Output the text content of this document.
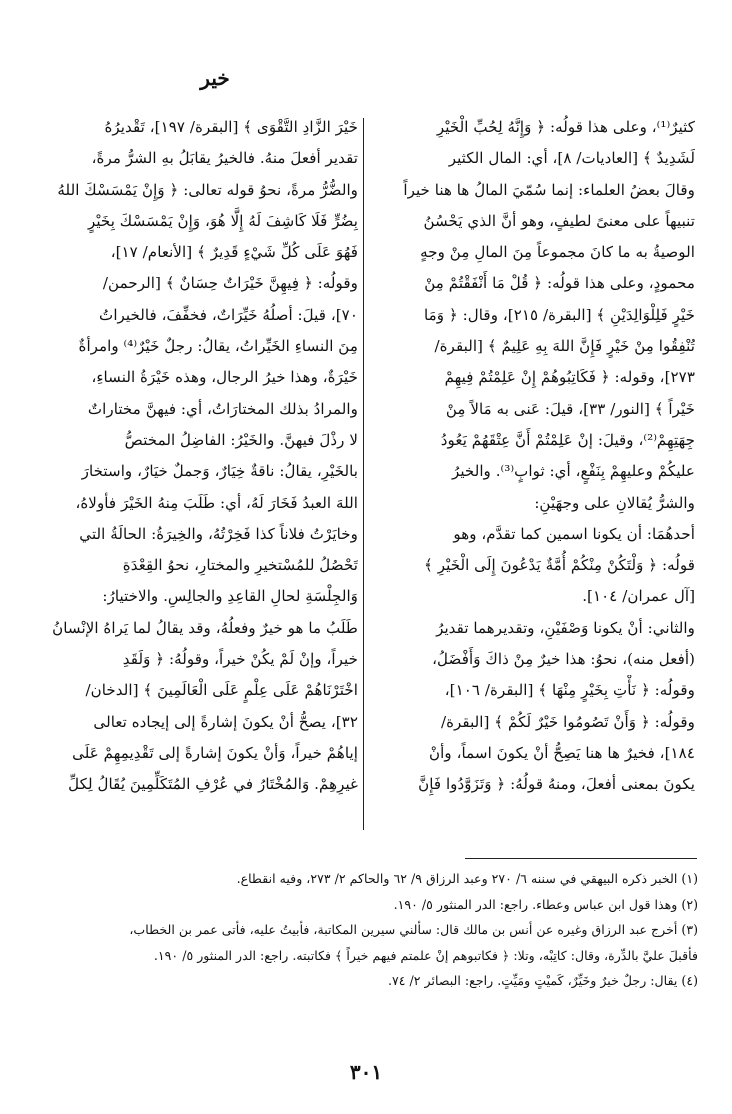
خير
كثيرٌ⁽¹⁾، وعلى هذا قولُه: ﴿ وَإِنَّهُ لِحُبِّ الْخَيْرِ
لَشَدِيدٌ ﴾ [العاديات/ ٨]، أي: المال الكثير
وقالَ بعضُ العلماء: إنما سُمّيَ المالُ ها هنا خيراً
تنبيهاً على معنىً لطيفٍ، وهو أنَّ الذي يَحْسُنُ
الوصيةُ به ما كانَ مجموعاً مِنَ المالِ مِنْ وجهٍ
محمودٍ، وعلى هذا قولُه: ﴿ قُلْ مَا أَنْفَقْتُمْ مِنْ
خَيْرٍ فَلِلْوَالِدَيْنِ ﴾ [البقرة/ ٢١٥]، وقال: ﴿ وَمَا
تُنْفِقُوا مِنْ خَيْرٍ فَإِنَّ اللهَ بِهِ عَلِيمٌ ﴾ [البقرة/
٢٧٣]، وقوله: ﴿ فَكَاتِبُوهُمْ إِنْ عَلِمْتُمْ فِيهِمْ
خَيْراً ﴾ [النور/ ٣٣]، قيلَ: عَنى به مَالاً مِنْ
جِهَتِهِمْ⁽²⁾، وقيلَ: إنْ عَلِمْتُمْ أَنَّ عِتْقَهُمْ يَعُودُ
عليكُمْ وعليهِمْ بِنَفْعٍ، أي: ثوابٍ⁽³⁾. والخيرُ
والشرُّ يُقالانِ على وجهَيْنِ:
أحدهُمَا: أن يكونا اسمين كما تقدَّم، وهو
قولُه: ﴿ وَلْتَكُنْ مِنْكُمْ أُمَّةٌ يَدْعُونَ إِلَى الْخَيْرِ ﴾
[آل عمران/ ١٠٤].
والثاني: أنْ يكونا وَصْفَيْنِ، وتقديرهما تقديرُ
(أفعل منه)، نحوُ: هذا خيرٌ مِنْ ذاكَ وَأَفْضَلُ،
وقولُه: ﴿ نَأْتِ بِخَيْرٍ مِنْهَا ﴾ [البقرة/ ١٠٦]،
وقولُه: ﴿ وَأَنْ تَصُومُوا خَيْرٌ لَكُمْ ﴾ [البقرة/
١٨٤]، فخيرٌ ها هنا يَصِحُّ أنْ يكونَ اسماً، وأنْ
يكونَ بمعنى أفعلَ، ومنهُ قولُهُ: ﴿ وَتَزَوَّدُوا فَإِنَّ
خَيْرَ الزَّادِ التَّقْوَى ﴾ [البقرة/ ١٩٧]، تَقْديرُهُ
تقدير أفعلَ منهُ. فالخيرُ يقابَلُ بهِ الشرُّ مرةً،
والضُّرُّ مرةً، نحوُ قوله تعالى: ﴿ وَإِنْ يَمْسَسْكَ اللهُ
بِضُرٍّ فَلَا كَاشِفَ لَهُ إِلَّا هُوَ، وَإِنْ يَمْسَسْكَ بِخَيْرٍ
فَهُوَ عَلَى كُلِّ شَيْءٍ قَدِيرٌ ﴾ [الأنعام/ ١٧]،
وقولُه: ﴿ فِيهِنَّ خَيْرَاتٌ حِسَانٌ ﴾ [الرحمن/
٧٠]، قيلَ: أصلُهُ خَيِّرَاتٌ، فخفِّفَ، فالخيراتُ
مِنَ النساءِ الخَيِّراتُ، يقالُ: رجلٌ خَيْرٌ⁽⁴⁾ وامرأةٌ
خَيْرَةٌ، وهذا خيرُ الرجال، وهذه خَيْرَةُ النساءِ،
والمرادُ بذلك المختارَاتُ، أي: فيهنَّ مختاراتٌ
لا رذْلَ فيهنَّ. والخَيْرُ: الفاضِلُ المختصُّ
بالخَيْرِ، يقالُ: ناقةٌ خِيَارٌ، وَجملٌ خيَارٌ، واستخارَ
اللهَ العبدُ فَخَارَ لَهُ، أي: طَلَبَ مِنهُ الخَيْرَ فأولاهُ،
وخايَرْتُ فلاناً كذا فَخِرْتُهُ، والخِيرَةُ: الحالَةُ التي
تَحْصُلُ للمُسْتخيرِ والمختارِ، نحوُ القِعْدَةِ
وَالجِلْسَةِ لحالِ القاعِدِ والجالِسِ. والاختيارُ:
طَلَبُ ما هو خيرٌ وفعلُهُ، وقد يقالُ لما يَراهُ الإنْسانُ
خيراً، وإنْ لَمْ يكُنْ خيراً، وقولُهُ: ﴿ وَلَقَدِ
اخْتَرْنَاهُمْ عَلَى عِلْمٍ عَلَى الْعَالَمِينَ ﴾ [الدخان/
٣٢]، يصحُّ أنْ يكونَ إشارةً إلى إيجاده تعالى
إياهُمْ خيراً، وَأنْ يكونَ إشارةً إلى تَقْدِيمِهِمْ عَلَى
غيرِهِمْ. وَالمُخْتَارُ في عُرْفِ المُتَكَلِّمِينَ يُقَالُ لِكلِّ
(١) الخبر ذكره البيهقي في سننه ٦/ ٢٧٠ وعبد الرزاق ٩/ ٦٢ والحاكم ٢/ ٢٧٣، وفيه انقطاع.
(٢) وهذا قول ابن عباس وعطاء. راجع: الدر المنثور ٥/ ١٩٠.
(٣) أخرج عبد الرزاق وغيره عن أنس بن مالك قال: سألني سيرين المكاتبة، فأبيتُ عليه، فأتى عمر بن الخطاب،
فأقبلَ عليَّ بالدِّرة، وقال: كاتِبْه، وتلا: ﴿ فكاتبوهم إنْ علمتم فيهم خيراً ﴾ فكاتبته. راجع: الدر المنثور ٥/ ١٩٠.
(٤) يقال: رجلٌ خيرٌ وخَيِّرٌ، كَميْتٍ ومَيِّتٍ. راجع: البصائر ٢/ ٧٤.
٣٠١
